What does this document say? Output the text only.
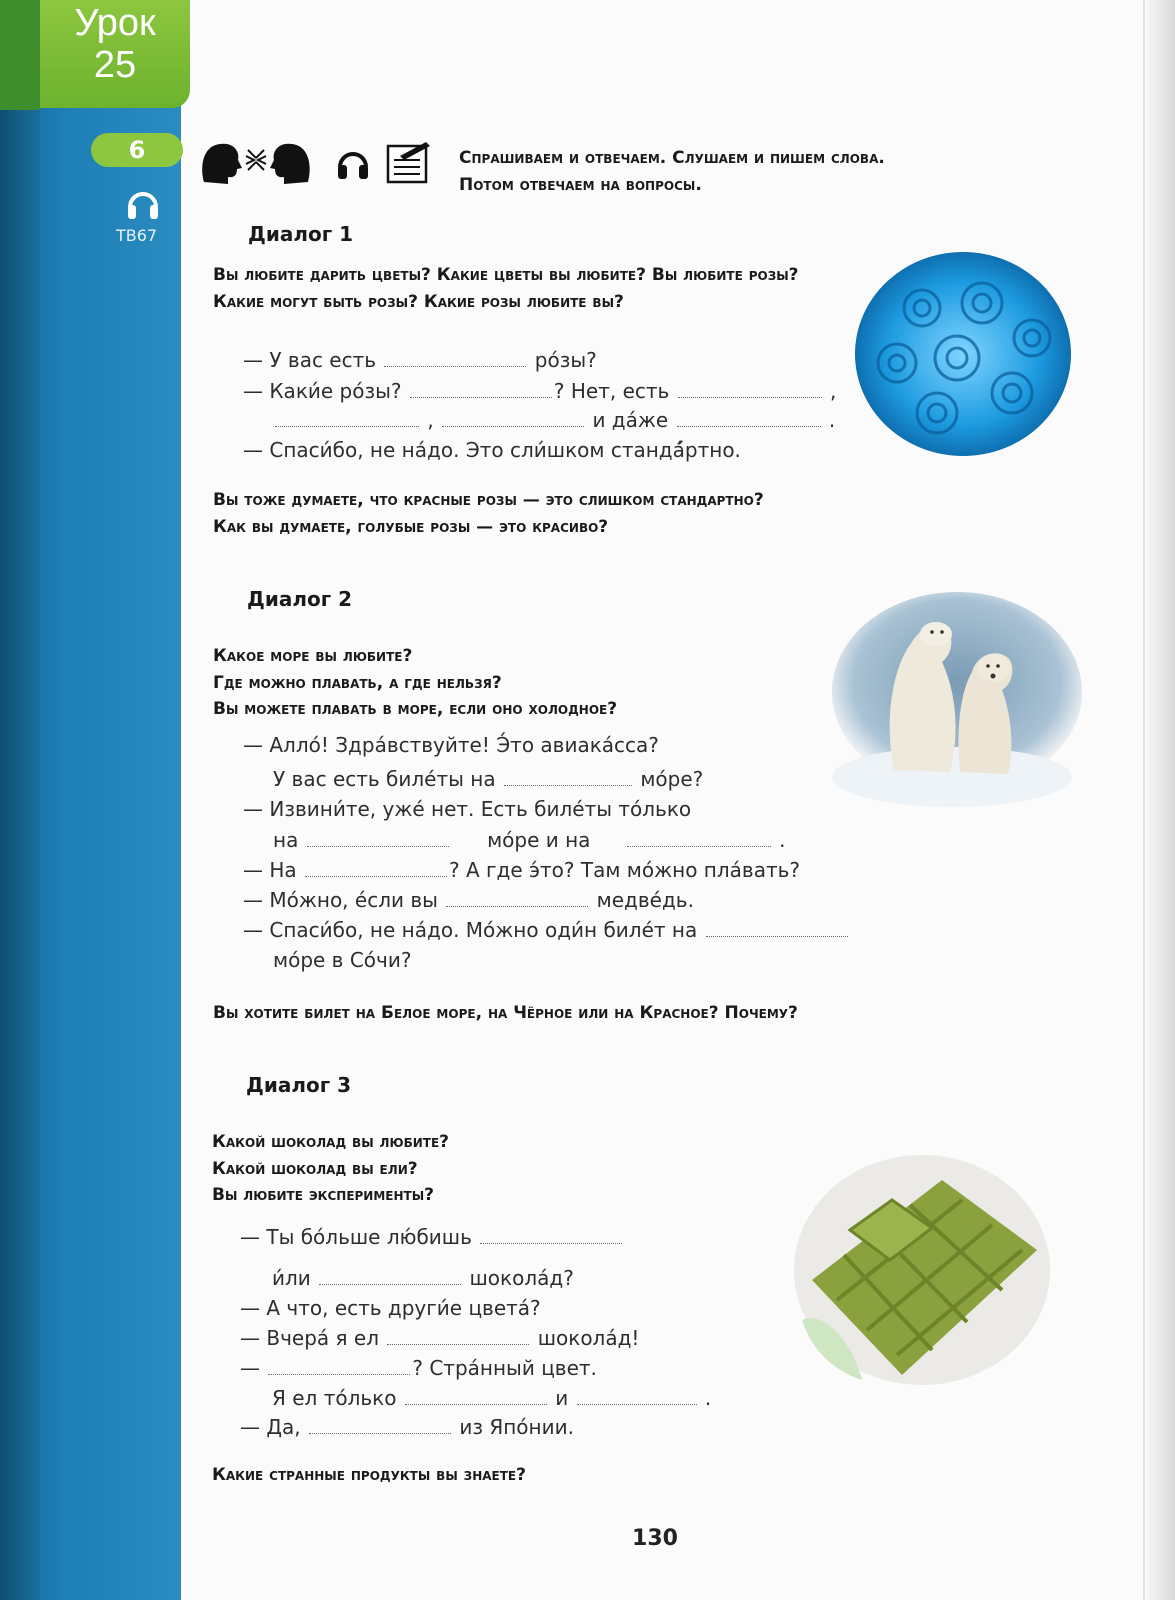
Урок
25
6
TB67
Спрашиваем и отвечаем. Слушаем и пишем слова.
Потом отвечаем на вопросы.
Диалог 1
Вы любите дарить цветы? Какие цветы вы любите? Вы любите розы?
Какие могут быть розы? Какие розы любите вы?
— У вас есть	ро́зы?
— Каки́е ро́зы?	? Нет, есть	,
,	и да́же	.
— Спаси́бо, не на́до. Это сли́шком стандá́ртно.
Вы тоже думаете, что красные розы — это слишком стандартно?
Как вы думаете, голубые розы — это красиво?
Диалог 2
Какое море вы любите?
Где можно плавать, а где нельзя?
Вы можете плавать в море, если оно холодное?
— Алло́! Здра́вствуйте! Э́то авиака́сса?
У вас есть биле́ты на	мо́ре?
— Извини́те, уже́ нет. Есть биле́ты то́лько
на	мо́ре и на	.
— На	? А где э́то? Там мо́жно пла́вать?
— Мо́жно, е́сли вы	медве́дь.
— Спаси́бо, не на́до. Мо́жно оди́н биле́т на
мо́ре в Со́чи?
Вы хотите билет на Белое море, на Чёрное или на Красное? Почему?
Диалог 3
Какой шоколад вы любите?
Какой шоколад вы ели?
Вы любите эксперименты?
— Ты бо́льше лю́бишь
и́ли	шокола́д?
— А что, есть други́е цвета́?
— Вчера́ я ел	шокола́д!
—	? Стра́нный цвет.
Я ел то́лько	и	.
— Да,	из Япо́нии.
Какие странные продукты вы знаете?
130
